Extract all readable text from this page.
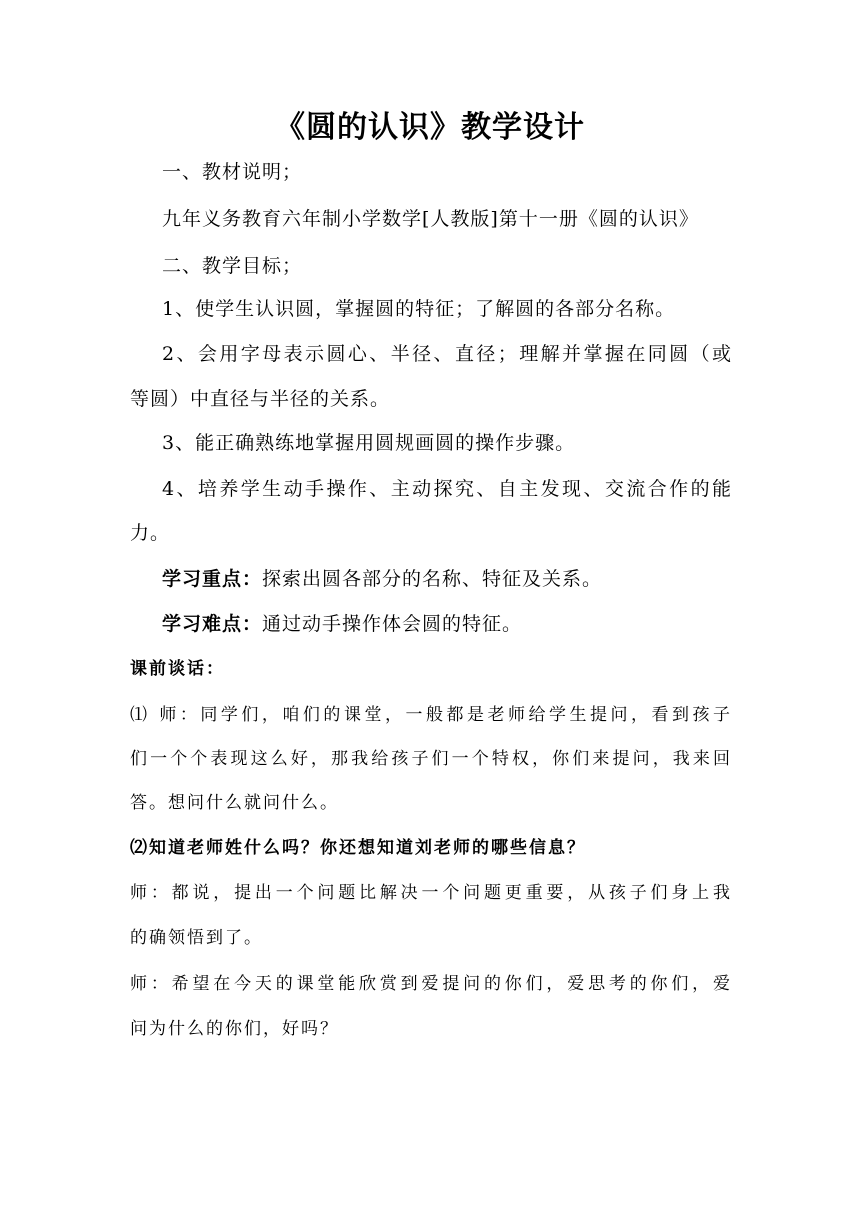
《圆的认识》教学设计
一、教材说明；
九年义务教育六年制小学数学[人教版]第十一册《圆的认识》
二、教学目标；
1、使学生认识圆，掌握圆的特征；了解圆的各部分名称。
2、会用字母表示圆心、半径、直径；理解并掌握在同圆（或
等圆）中直径与半径的关系。
3、能正确熟练地掌握用圆规画圆的操作步骤。
4、培养学生动手操作、主动探究、自主发现、交流合作的能
力。
学习重点：探索出圆各部分的名称、特征及关系。
学习难点：通过动手操作体会圆的特征。
课前谈话：
⑴ 师：同学们，咱们的课堂，一般都是老师给学生提问，看到孩子
们一个个表现这么好，那我给孩子们一个特权，你们来提问，我来回
答。想问什么就问什么。
⑵知道老师姓什么吗？你还想知道刘老师的哪些信息？
师：都说，提出一个问题比解决一个问题更重要，从孩子们身上我
的确领悟到了。
师：希望在今天的课堂能欣赏到爱提问的你们，爱思考的你们，爱
问为什么的你们，好吗？
